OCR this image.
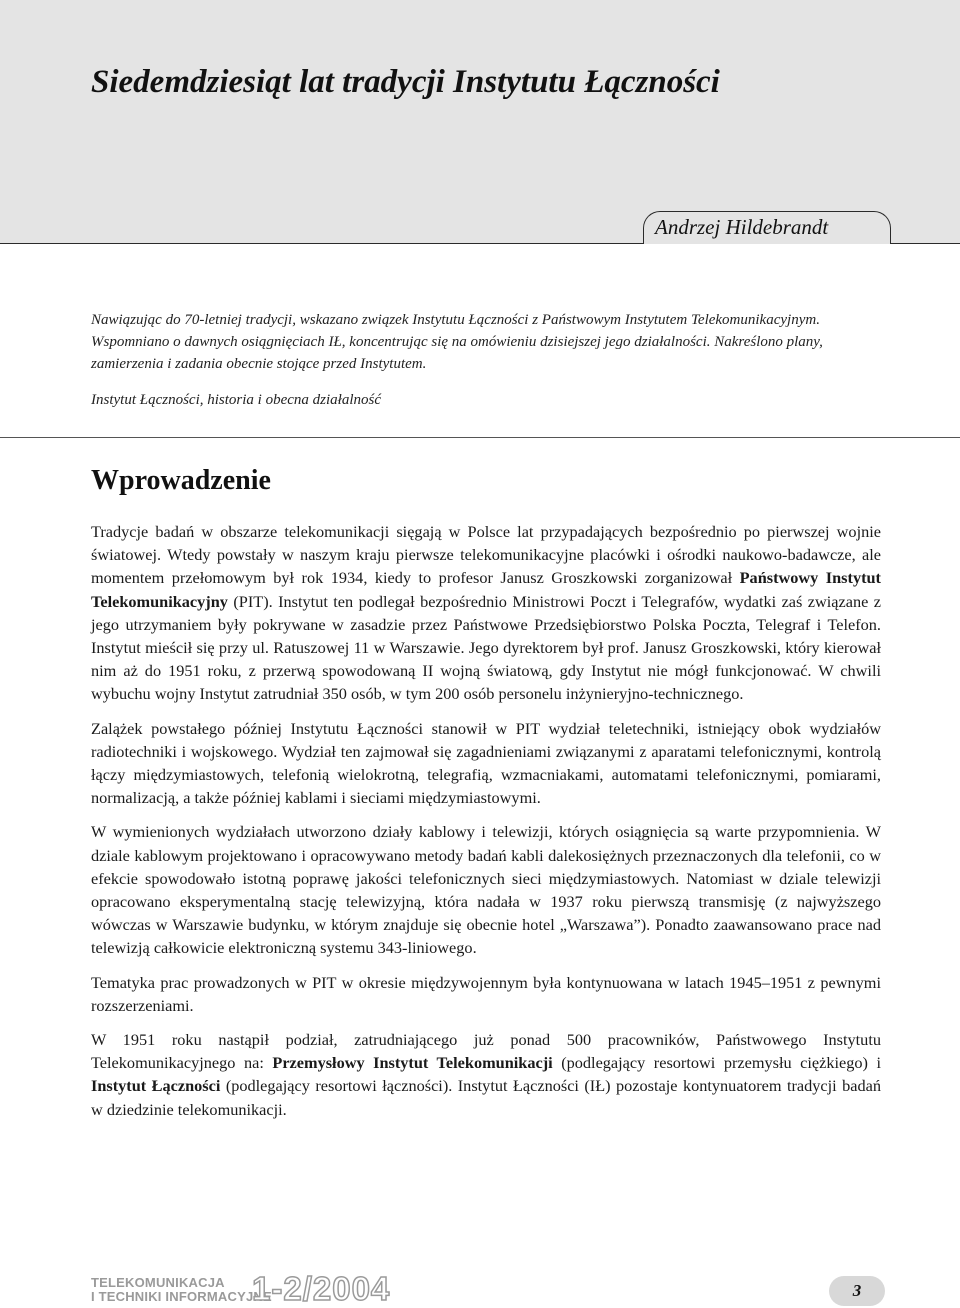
Siedemdziesiąt lat tradycji Instytutu Łączności
Andrzej Hildebrandt

Nawiązując do 70-letniej tradycji, wskazano związek Instytutu Łączności z Państwowym Instytutem Telekomunikacyjnym. Wspomniano o dawnych osiągnięciach IŁ, koncentrując się na omówieniu dzisiejszej jego działalności. Nakreślono plany, zamierzenia i zadania obecnie stojące przed Instytutem.

Instytut Łączności, historia i obecna działalność

Wprowadzenie

Tradycje badań w obszarze telekomunikacji sięgają w Polsce lat przypadających bezpośrednio po pierwszej wojnie światowej. Wtedy powstały w naszym kraju pierwsze telekomunikacyjne placówki i ośrodki naukowo-badawcze, ale momentem przełomowym był rok 1934, kiedy to profesor Janusz Groszkowski zorganizował Państwowy Instytut Telekomunikacyjny (PIT). Instytut ten podlegał bezpośrednio Ministrowi Poczt i Telegrafów, wydatki zaś związane z jego utrzymaniem były pokrywane w zasadzie przez Państwowe Przedsiębiorstwo Polska Poczta, Telegraf i Telefon. Instytut mieścił się przy ul. Ratuszowej 11 w Warszawie. Jego dyrektorem był prof. Janusz Groszkowski, który kierował nim aż do 1951 roku, z przerwą spowodowaną II wojną światową, gdy Instytut nie mógł funkcjonować. W chwili wybuchu wojny Instytut zatrudniał 350 osób, w tym 200 osób personelu inżynieryjno-technicznego.

Zalążek powstałego później Instytutu Łączności stanowił w PIT wydział teletechniki, istniejący obok wydziałów radiotechniki i wojskowego. Wydział ten zajmował się zagadnieniami związanymi z aparatami telefonicznymi, kontrolą łączy międzymiastowych, telefonią wielokrotną, telegrafią, wzmacniakami, automatami telefonicznymi, pomiarami, normalizacją, a także później kablami i sieciami międzymiastowymi.

W wymienionych wydziałach utworzono działy kablowy i telewizji, których osiągnięcia są warte przypomnienia. W dziale kablowym projektowano i opracowywano metody badań kabli dalekosiężnych przeznaczonych dla telefonii, co w efekcie spowodowało istotną poprawę jakości telefonicznych sieci międzymiastowych. Natomiast w dziale telewizji opracowano eksperymentalną stację telewizyjną, która nadała w 1937 roku pierwszą transmisję (z najwyższego wówczas w Warszawie budynku, w którym znajduje się obecnie hotel „Warszawa”). Ponadto zaawansowano prace nad telewizją całkowicie elektroniczną systemu 343-liniowego.

Tematyka prac prowadzonych w PIT w okresie międzywojennym była kontynuowana w latach 1945–1951 z pewnymi rozszerzeniami.

W 1951 roku nastąpił podział, zatrudniającego już ponad 500 pracowników, Państwowego Instytutu Telekomunikacyjnego na: Przemysłowy Instytut Telekomunikacji (podlegający resortowi przemysłu ciężkiego) i Instytut Łączności (podlegający resortowi łączności). Instytut Łączności (IŁ) pozostaje kontynuatorem tradycji badań w dziedzinie telekomunikacji.

TELEKOMUNIKACJA
I TECHNIKI INFORMACYJNE
1-2/2004	3
